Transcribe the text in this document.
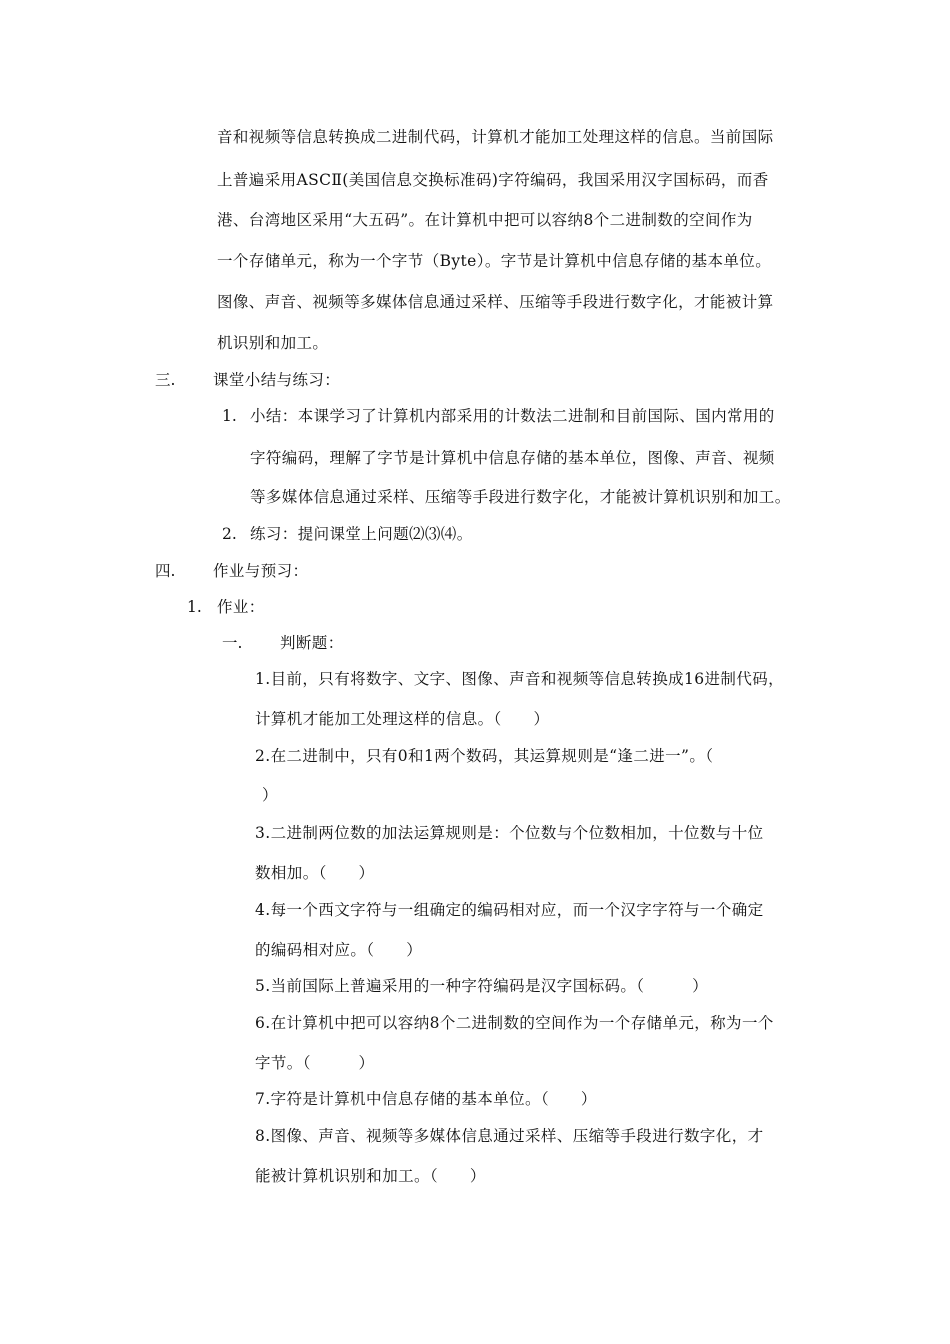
音和视频等信息转换成二进制代码，计算机才能加工处理这样的信息。当前国际
上普遍采用ASCⅡ(美国信息交换标准码)字符编码，我国采用汉字国标码，而香
港、台湾地区采用“大五码”。在计算机中把可以容纳8个二进制数的空间作为
一个存储单元，称为一个字节（Byte）。字节是计算机中信息存储的基本单位。
图像、声音、视频等多媒体信息通过采样、压缩等手段进行数字化，才能被计算
机识别和加工。
三. 课堂小结与练习：
1. 小结：本课学习了计算机内部采用的计数法二进制和目前国际、国内常用的
字符编码，理解了字节是计算机中信息存储的基本单位，图像、声音、视频
等多媒体信息通过采样、压缩等手段进行数字化，才能被计算机识别和加工。
2. 练习：提问课堂上问题⑵⑶⑷。
四. 作业与预习：
1. 作业：
一. 判断题：
1.目前，只有将数字、文字、图像、声音和视频等信息转换成16进制代码，
计算机才能加工处理这样的信息。（　　）
2.在二进制中，只有0和1两个数码，其运算规则是“逢二进一”。（
）
3.二进制两位数的加法运算规则是：个位数与个位数相加，十位数与十位
数相加。（　　）
4.每一个西文字符与一组确定的编码相对应，而一个汉字字符与一个确定
的编码相对应。（　　）
5.当前国际上普遍采用的一种字符编码是汉字国标码。（　　　）
6.在计算机中把可以容纳8个二进制数的空间作为一个存储单元，称为一个
字节。（　　　）
7.字符是计算机中信息存储的基本单位。（　　）
8.图像、声音、视频等多媒体信息通过采样、压缩等手段进行数字化，才
能被计算机识别和加工。（　　）
